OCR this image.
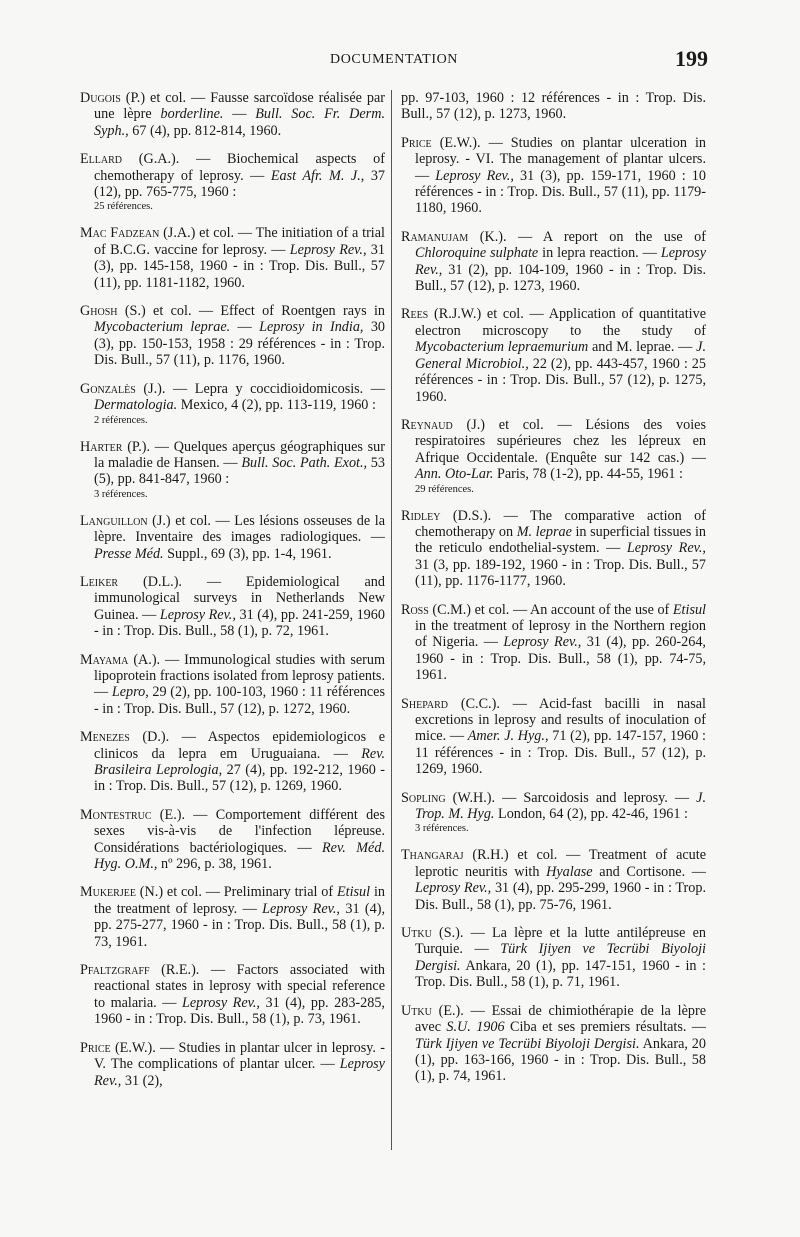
DOCUMENTATION	199
Dugois (P.) et col. — Fausse sarcoïdose réalisée par une lèpre borderline. — Bull. Soc. Fr. Derm. Syph., 67 (4), pp. 812-814, 1960.
Ellard (G.A.). — Biochemical aspects of chemotherapy of leprosy. — East Afr. M. J., 37 (12), pp. 765-775, 1960 :
25 références.
Mac Fadzean (J.A.) et col. — The initiation of a trial of B.C.G. vaccine for leprosy. — Leprosy Rev., 31 (3), pp. 145-158, 1960 - in : Trop. Dis. Bull., 57 (11), pp. 1181-1182, 1960.
Ghosh (S.) et col. — Effect of Roentgen rays in Mycobacterium leprae. — Leprosy in India, 30 (3), pp. 150-153, 1958 : 29 références - in : Trop. Dis. Bull., 57 (11), p. 1176, 1960.
Gonzalès (J.). — Lepra y coccidioidomicosis. — Dermatologia. Mexico, 4 (2), pp. 113-119, 1960 :
2 références.
Harter (P.). — Quelques aperçus géographiques sur la maladie de Hansen. — Bull. Soc. Path. Exot., 53 (5), pp. 841-847, 1960 :
3 références.
Languillon (J.) et col. — Les lésions osseuses de la lèpre. Inventaire des images radiologiques. — Presse Méd. Suppl., 69 (3), pp. 1-4, 1961.
Leiker (D.L.). — Epidemiological and immunological surveys in Netherlands New Guinea. — Leprosy Rev., 31 (4), pp. 241-259, 1960 - in : Trop. Dis. Bull., 58 (1), p. 72, 1961.
Mayama (A.). — Immunological studies with serum lipoprotein fractions isolated from leprosy patients. — Lepro, 29 (2), pp. 100-103, 1960 : 11 références - in : Trop. Dis. Bull., 57 (12), p. 1272, 1960.
Menezes (D.). — Aspectos epidemiologicos e clinicos da lepra em Uruguaiana. — Rev. Brasileira Leprologia, 27 (4), pp. 192-212, 1960 - in : Trop. Dis. Bull., 57 (12), p. 1269, 1960.
Montestruc (E.). — Comportement différent des sexes vis-à-vis de l'infection lépreuse. Considérations bactériologiques. — Rev. Méd. Hyg. O.M., nº 296, p. 38, 1961.
Mukerjee (N.) et col. — Preliminary trial of Etisul in the treatment of leprosy. — Leprosy Rev., 31 (4), pp. 275-277, 1960 - in : Trop. Dis. Bull., 58 (1), p. 73, 1961.
Pfaltzgraff (R.E.). — Factors associated with reactional states in leprosy with special reference to malaria. — Leprosy Rev., 31 (4), pp. 283-285, 1960 - in : Trop. Dis. Bull., 58 (1), p. 73, 1961.
Price (E.W.). — Studies in plantar ulcer in leprosy. - V. The complications of plantar ulcer. — Leprosy Rev., 31 (2),
pp. 97-103, 1960 : 12 références - in : Trop. Dis. Bull., 57 (12), p. 1273, 1960.
Price (E.W.). — Studies on plantar ulceration in leprosy. - VI. The management of plantar ulcers. — Leprosy Rev., 31 (3), pp. 159-171, 1960 : 10 références - in : Trop. Dis. Bull., 57 (11), pp. 1179-1180, 1960.
Ramanujam (K.). — A report on the use of Chloroquine sulphate in lepra reaction. — Leprosy Rev., 31 (2), pp. 104-109, 1960 - in : Trop. Dis. Bull., 57 (12), p. 1273, 1960.
Rees (R.J.W.) et col. — Application of quantitative electron microscopy to the study of Mycobacterium lepraemurium and M. leprae. — J. General Microbiol., 22 (2), pp. 443-457, 1960 : 25 références - in : Trop. Dis. Bull., 57 (12), p. 1275, 1960.
Reynaud (J.) et col. — Lésions des voies respiratoires supérieures chez les lépreux en Afrique Occidentale. (Enquête sur 142 cas.) — Ann. Oto-Lar. Paris, 78 (1-2), pp. 44-55, 1961 :
29 références.
Ridley (D.S.). — The comparative action of chemotherapy on M. leprae in superficial tissues in the reticulo endothelial-system. — Leprosy Rev., 31 (3, pp. 189-192, 1960 - in : Trop. Dis. Bull., 57 (11), pp. 1176-1177, 1960.
Ross (C.M.) et col. — An account of the use of Etisul in the treatment of leprosy in the Northern region of Nigeria. — Leprosy Rev., 31 (4), pp. 260-264, 1960 - in : Trop. Dis. Bull., 58 (1), pp. 74-75, 1961.
Shepard (C.C.). — Acid-fast bacilli in nasal excretions in leprosy and results of inoculation of mice. — Amer. J. Hyg., 71 (2), pp. 147-157, 1960 : 11 références - in : Trop. Dis. Bull., 57 (12), p. 1269, 1960.
Sopling (W.H.). — Sarcoidosis and leprosy. — J. Trop. M. Hyg. London, 64 (2), pp. 42-46, 1961 :
3 références.
Thangaraj (R.H.) et col. — Treatment of acute leprotic neuritis with Hyalase and Cortisone. — Leprosy Rev., 31 (4), pp. 295-299, 1960 - in : Trop. Dis. Bull., 58 (1), pp. 75-76, 1961.
Utku (S.). — La lèpre et la lutte antilépreuse en Turquie. — Türk Ijiyen ve Tecrübi Biyoloji Dergisi. Ankara, 20 (1), pp. 147-151, 1960 - in : Trop. Dis. Bull., 58 (1), p. 71, 1961.
Utku (E.). — Essai de chimiothérapie de la lèpre avec S.U. 1906 Ciba et ses premiers résultats. — Türk Ijiyen ve Tecrübi Biyoloji Dergisi. Ankara, 20 (1), pp. 163-166, 1960 - in : Trop. Dis. Bull., 58 (1), p. 74, 1961.
